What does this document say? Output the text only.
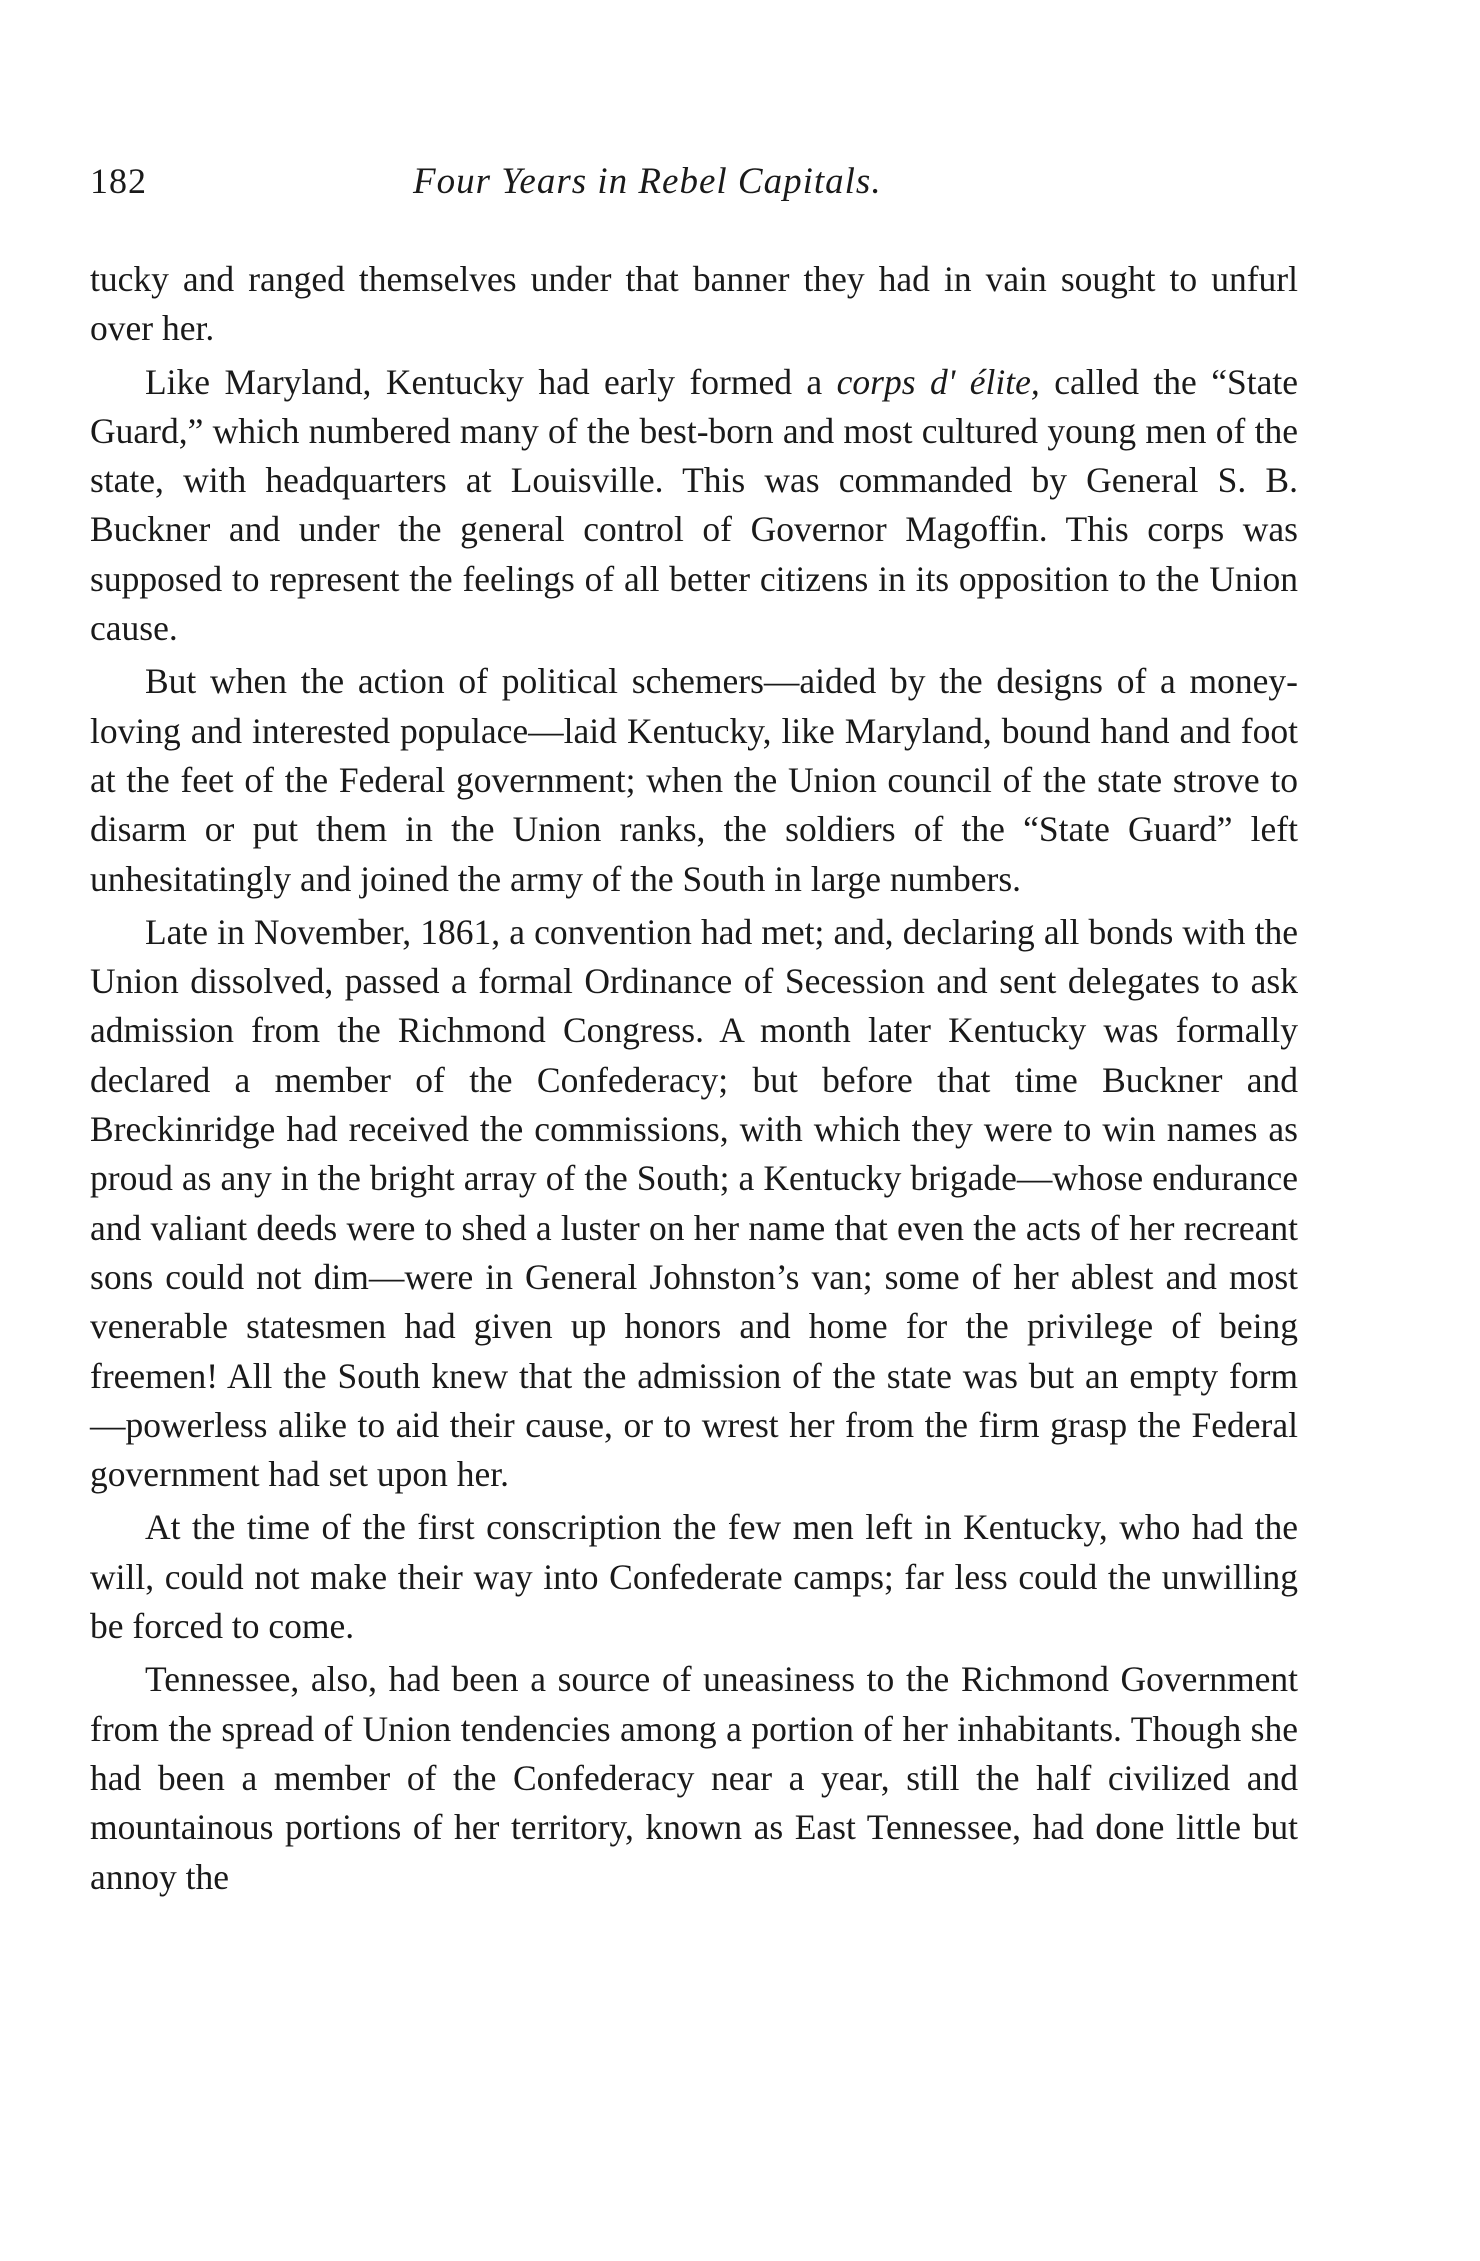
182	Four Years in Rebel Capitals.

tucky and ranged themselves under that banner they had in vain sought to unfurl over her.

Like Maryland, Kentucky had early formed a corps d' élite, called the “State Guard,” which numbered many of the best-born and most cultured young men of the state, with headquarters at Louisville. This was commanded by General S. B. Buckner and under the general control of Governor Magoffin. This corps was supposed to represent the feelings of all better citizens in its opposition to the Union cause.

But when the action of political schemers—aided by the designs of a money-loving and interested populace—laid Kentucky, like Maryland, bound hand and foot at the feet of the Federal government; when the Union council of the state strove to disarm or put them in the Union ranks, the soldiers of the “State Guard” left unhesitatingly and joined the army of the South in large numbers.

Late in November, 1861, a convention had met; and, declaring all bonds with the Union dissolved, passed a formal Ordinance of Secession and sent delegates to ask admission from the Richmond Congress. A month later Kentucky was formally declared a member of the Confederacy; but before that time Buckner and Breckinridge had received the commissions, with which they were to win names as proud as any in the bright array of the South; a Kentucky brigade—whose endurance and valiant deeds were to shed a luster on her name that even the acts of her recreant sons could not dim—were in General Johnston’s van; some of her ablest and most venerable statesmen had given up honors and home for the privilege of being freemen! All the South knew that the admission of the state was but an empty form—powerless alike to aid their cause, or to wrest her from the firm grasp the Federal government had set upon her.

At the time of the first conscription the few men left in Kentucky, who had the will, could not make their way into Confederate camps; far less could the unwilling be forced to come.

Tennessee, also, had been a source of uneasiness to the Richmond Government from the spread of Union tendencies among a portion of her inhabitants. Though she had been a member of the Confederacy near a year, still the half civilized and mountainous portions of her territory, known as East Tennessee, had done little but annoy the
